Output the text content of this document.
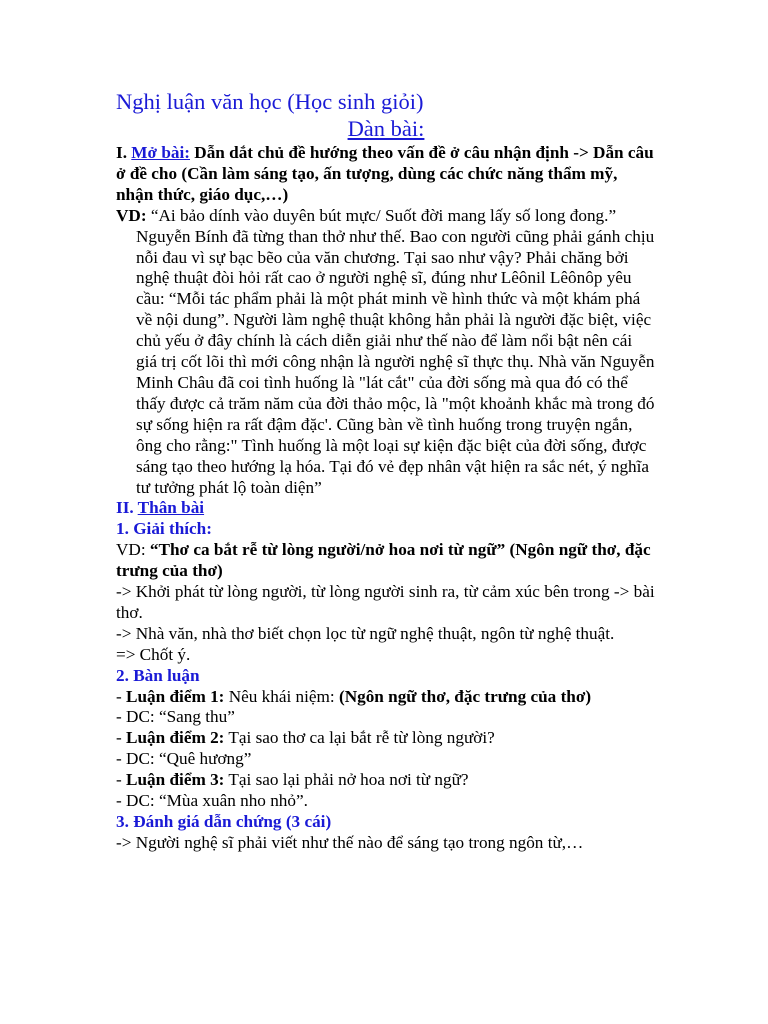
Nghị luận văn học (Học sinh giỏi)

Dàn bài:

I. Mở bài: Dẫn dắt chủ đề hướng theo vấn đề ở câu nhận định -> Dẫn câu ở đề cho (Cần làm sáng tạo, ấn tượng, dùng các chức năng thẩm mỹ, nhận thức, giáo dục,…)

VD: “Ai bảo dính vào duyên bút mực/ Suốt đời mang lấy số long đong.” Nguyễn Bính đã từng than thở như thế. Bao con người cũng phải gánh chịu nỗi đau vì sự bạc bẽo của văn chương. Tại sao như vậy? Phải chăng bởi nghệ thuật đòi hỏi rất cao ở người nghệ sĩ, đúng như Lêônil Lêônôp yêu cầu: “Mỗi tác phẩm phải là một phát minh về hình thức và một khám phá về nội dung”. Người làm nghệ thuật không hẳn phải là người đặc biệt, việc chủ yếu ở đây chính là cách diễn giải như thế nào để làm nổi bật nên cái giá trị cốt lõi thì mới công nhận là người nghệ sĩ thực thụ. Nhà văn Nguyễn Minh Châu đã coi tình huống là "lát cắt" của đời sống mà qua đó có thể thấy được cả trăm năm của đời thảo mộc, là "một khoảnh khắc mà trong đó sự sống hiện ra rất đậm đặc'. Cũng bàn về tình huống trong truyện ngắn, ông cho rằng:" Tình huống là một loại sự kiện đặc biệt của đời sống, được sáng tạo theo hướng lạ hóa. Tại đó vẻ đẹp nhân vật hiện ra sắc nét, ý nghĩa tư tưởng phát lộ toàn diện”

II. Thân bài

1. Giải thích:

VD: “Thơ ca bắt rễ từ lòng người/nở hoa nơi từ ngữ” (Ngôn ngữ thơ, đặc trưng của thơ)

-> Khởi phát từ lòng người, từ lòng người sinh ra, từ cảm xúc bên trong -> bài thơ.

-> Nhà văn, nhà thơ biết chọn lọc từ ngữ nghệ thuật, ngôn từ nghệ thuật.

=> Chốt ý.

2. Bàn luận

- Luận điểm 1: Nêu khái niệm: (Ngôn ngữ thơ, đặc trưng của thơ)

- DC: “Sang thu”

- Luận điểm 2: Tại sao thơ ca lại bắt rễ từ lòng người?

- DC: “Quê hương”

- Luận điểm 3: Tại sao lại phải nở hoa nơi từ ngữ?

- DC: “Mùa xuân nho nhỏ”.

3. Đánh giá dẫn chứng (3 cái)

-> Người nghệ sĩ phải viết như thế nào để sáng tạo trong ngôn từ,…
